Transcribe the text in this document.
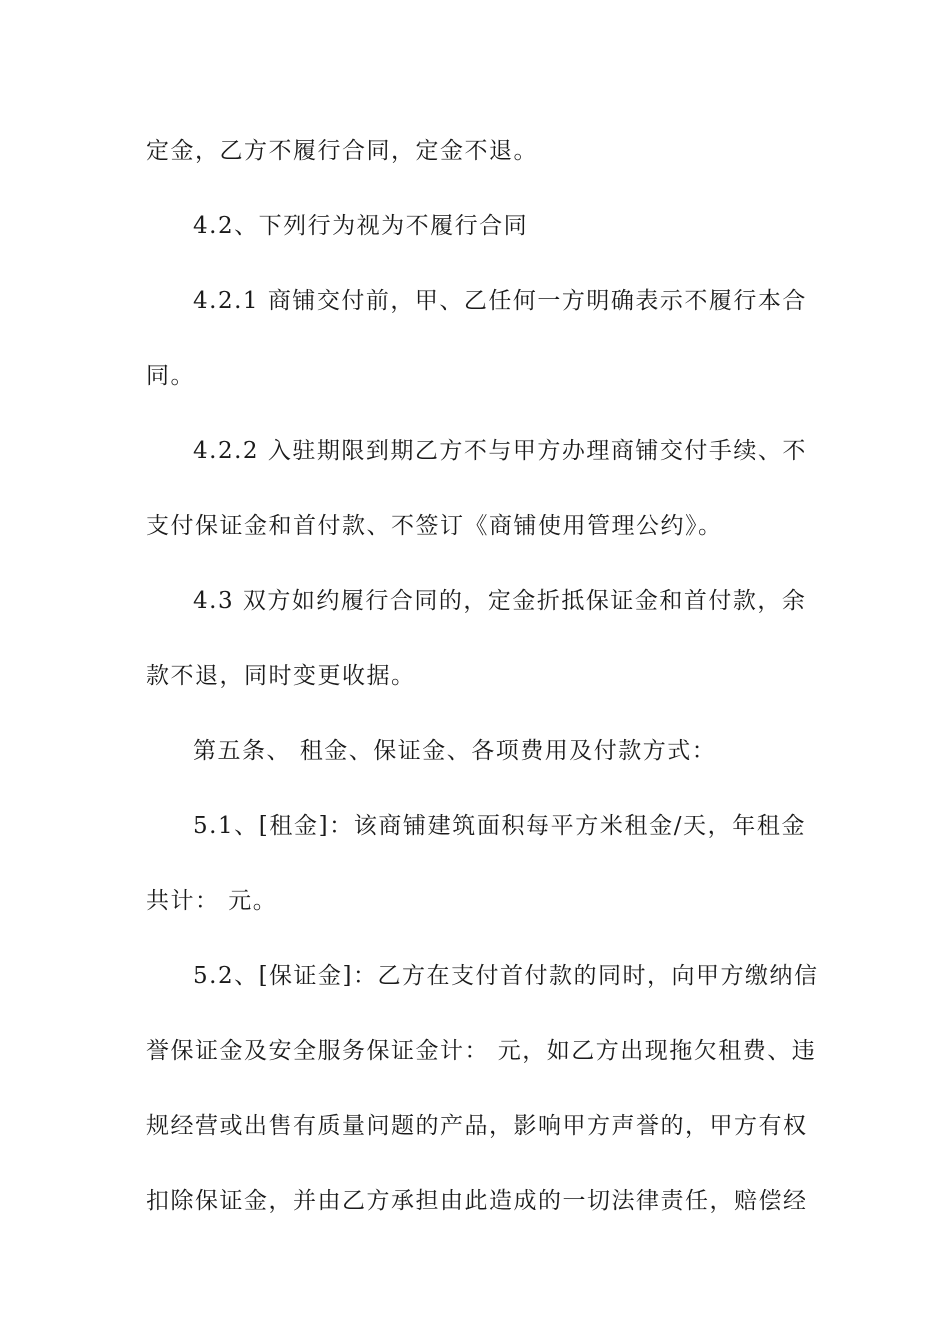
定金，乙方不履行合同，定金不退。
4.2、下列行为视为不履行合同
4.2.1 商铺交付前，甲、乙任何一方明确表示不履行本合
同。
4.2.2 入驻期限到期乙方不与甲方办理商铺交付手续、不
支付保证金和首付款、不签订《商铺使用管理公约》。
4.3 双方如约履行合同的，定金折抵保证金和首付款，余
款不退，同时变更收据。
第五条、 租金、保证金、各项费用及付款方式：
5.1、[租金]：该商铺建筑面积每平方米租金/天，年租金
共计： 元。
5.2、[保证金]：乙方在支付首付款的同时，向甲方缴纳信
誉保证金及安全服务保证金计： 元，如乙方出现拖欠租费、违
规经营或出售有质量问题的产品，影响甲方声誉的，甲方有权
扣除保证金，并由乙方承担由此造成的一切法律责任，赔偿经
